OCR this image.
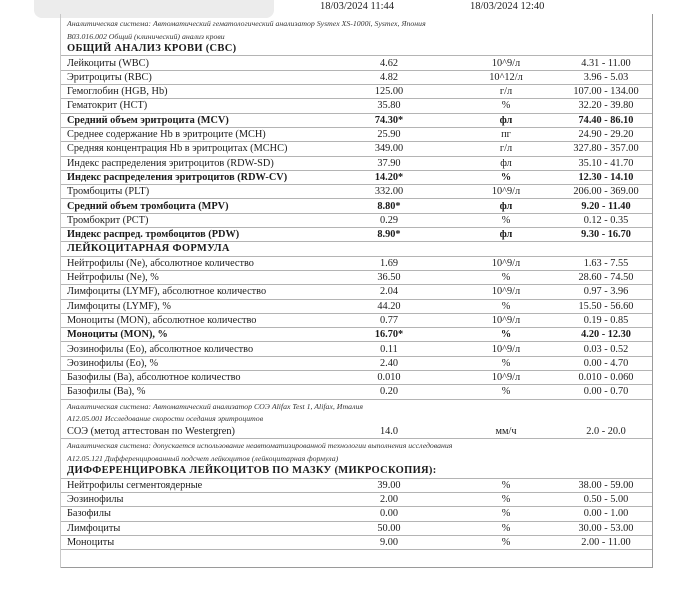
18/03/2024 11:44	18/03/2024 12:40
Аналитическая система: Автоматический гематологический анализатор Sysmex XS-1000i, Sysmex, Япония
В03.016.002 Общий (клинический) анализ крови
ОБЩИЙ АНАЛИЗ КРОВИ (CBC)
Лейкоциты (WBC)	4.62	10^9/л	4.31 - 11.00
Эритроциты (RBC)	4.82	10^12/л	3.96 - 5.03
Гемоглобин (HGB, Hb)	125.00	г/л	107.00 - 134.00
Гематокрит (HCT)	35.80	%	32.20 - 39.80
Средний объем эритроцита (MCV)	74.30*	фл	74.40 - 86.10
Среднее содержание Hb в эритроците (MCH)	25.90	пг	24.90 - 29.20
Средняя концентрация Hb в эритроцитах (MCHC)	349.00	г/л	327.80 - 357.00
Индекс распределения эритроцитов (RDW-SD)	37.90	фл	35.10 - 41.70
Индекс распределения эритроцитов (RDW-CV)	14.20*	%	12.30 - 14.10
Тромбоциты (PLT)	332.00	10^9/л	206.00 - 369.00
Средний объем тромбоцита (MPV)	8.80*	фл	9.20 - 11.40
Тромбокрит (PCT)	0.29	%	0.12 - 0.35
Индекс распред. тромбоцитов (PDW)	8.90*	фл	9.30 - 16.70
ЛЕЙКОЦИТАРНАЯ ФОРМУЛА
Нейтрофилы (Ne), абсолютное количество	1.69	10^9/л	1.63 - 7.55
Нейтрофилы (Ne), %	36.50	%	28.60 - 74.50
Лимфоциты (LYMF), абсолютное количество	2.04	10^9/л	0.97 - 3.96
Лимфоциты (LYMF), %	44.20	%	15.50 - 56.60
Моноциты (MON), абсолютное количество	0.77	10^9/л	0.19 - 0.85
Моноциты (MON), %	16.70*	%	4.20 - 12.30
Эозинофилы (Eo), абсолютное количество	0.11	10^9/л	0.03 - 0.52
Эозинофилы (Eo), %	2.40	%	0.00 - 4.70
Базофилы (Ba), абсолютное количество	0.010	10^9/л	0.010 - 0.060
Базофилы (Ba), %	0.20	%	0.00 - 0.70
Аналитическая система: Автоматический анализатор СОЭ Alifax Test 1, Alifax, Италия
А12.05.001 Исследование скорости оседания эритроцитов
СОЭ (метод аттестован по Westergren)	14.0	мм/ч	2.0 - 20.0
Аналитическая система: допускается использование неавтоматизированной технологии выполнения исследования
А12.05.121 Дифференцированный подсчет лейкоцитов (лейкоцитарная формула)
ДИФФЕРЕНЦИРОВКА ЛЕЙКОЦИТОВ ПО МАЗКУ (МИКРОСКОПИЯ):
Нейтрофилы сегментоядерные	39.00	%	38.00 - 59.00
Эозинофилы	2.00	%	0.50 - 5.00
Базофилы	0.00	%	0.00 - 1.00
Лимфоциты	50.00	%	30.00 - 53.00
Моноциты	9.00	%	2.00 - 11.00
